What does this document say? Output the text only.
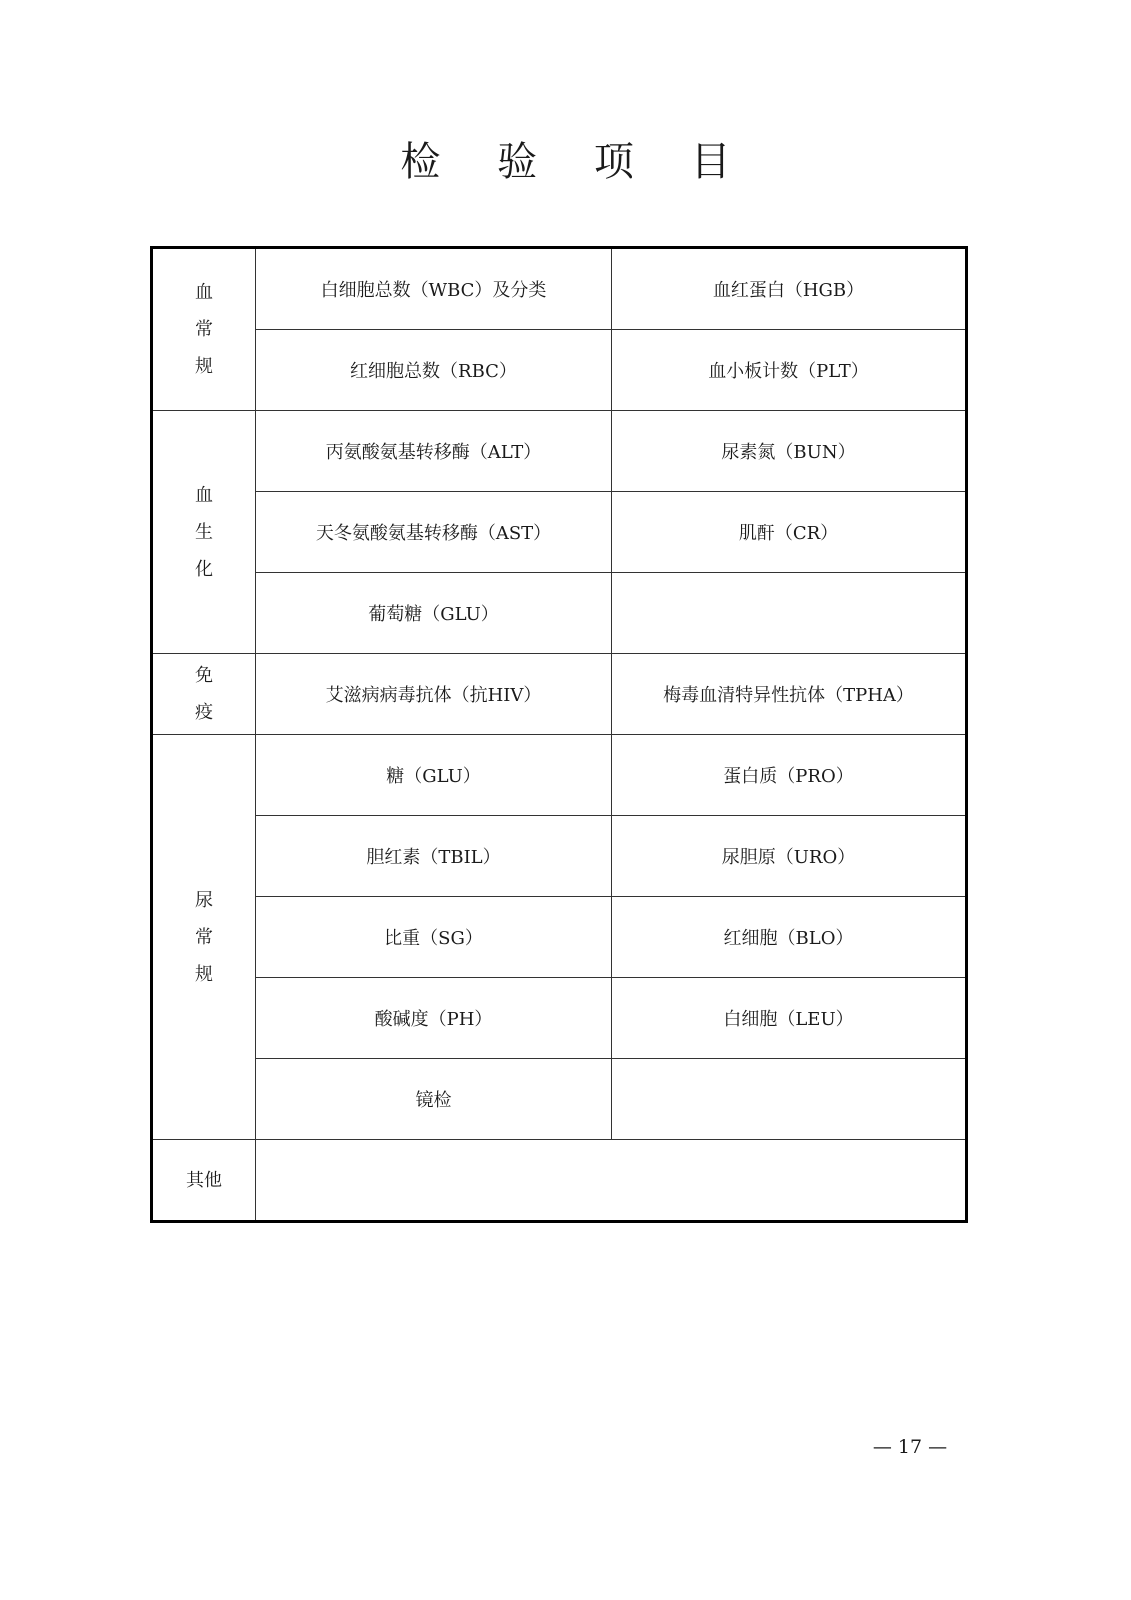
检 验 项 目
血
常
规	白细胞总数（WBC）及分类	血红蛋白（HGB）
	红细胞总数（RBC）	血小板计数（PLT）

血
生
化	丙氨酸氨基转移酶（ALT）	尿素氮（BUN）
	天冬氨酸氨基转移酶（AST）	肌酐（CR）
	葡萄糖（GLU）	

免
疫	艾滋病病毒抗体（抗HIV）	梅毒血清特异性抗体（TPHA）

尿
常
规	糖（GLU）	蛋白质（PRO）
	胆红素（TBIL）	尿胆原（URO）
	比重（SG）	红细胞（BLO）
	酸碱度（PH）	白细胞（LEU）
	镜检	

其他		

— 17 —
